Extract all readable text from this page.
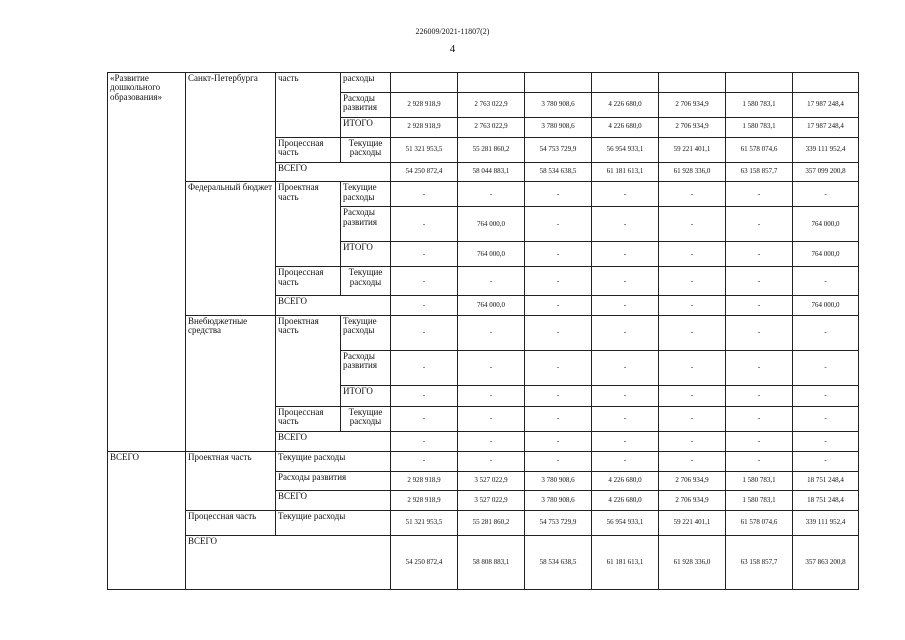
226009/2021-11807(2)
4
«Развитие дошкольного образования»	Санкт-Петербурга	часть	расходы							
			Расходы развития	2 928 918,9	2 763 022,9	3 780 908,6	4 226 680,0	2 706 934,9	1 580 783,1	17 987 248,4
			ИТОГО	2 928 918,9	2 763 022,9	3 780 908,6	4 226 680,0	2 706 934,9	1 580 783,1	17 987 248,4
		Процессная часть	Текущие расходы	51 321 953,5	55 281 860,2	54 753 729,9	56 954 933,1	59 221 401,1	61 578 074,6	339 111 952,4
		ВСЕГО		54 250 872,4	58 044 883,1	58 534 638,5	61 181 613,1	61 928 336,0	63 158 857,7	357 099 200,8
	Федеральный бюджет	Проектная часть	Текущие расходы	-	-	-	-	-	-	-
			Расходы развития	-	764 000,0	-	-	-	-	764 000,0
			ИТОГО	-	764 000,0	-	-	-	-	764 000,0
		Процессная часть	Текущие расходы	-	-	-	-	-	-	-
		ВСЕГО		-	764 000,0	-	-	-	-	764 000,0
	Внебюджетные средства	Проектная часть	Текущие расходы	-	-	-	-	-	-	-
			Расходы развития	-	-	-	-	-	-	-
			ИТОГО	-	-	-	-	-	-	-
		Процессная часть	Текущие расходы	-	-	-	-	-	-	-
		ВСЕГО		-	-	-	-	-	-	-
ВСЕГО	Проектная часть	Текущие расходы		-	-	-	-	-	-	-
		Расходы развития		2 928 918,9	3 527 022,9	3 780 908,6	4 226 680,0	2 706 934,9	1 580 783,1	18 751 248,4
		ВСЕГО		2 928 918,9	3 527 022,9	3 780 908,6	4 226 680,0	2 706 934,9	1 580 783,1	18 751 248,4
	Процессная часть	Текущие расходы		51 321 953,5	55 281 860,2	54 753 729,9	56 954 933,1	59 221 401,1	61 578 074,6	339 111 952,4
	ВСЕГО			54 250 872,4	58 808 883,1	58 534 638,5	61 181 613,1	61 928 336,0	63 158 857,7	357 863 200,8
